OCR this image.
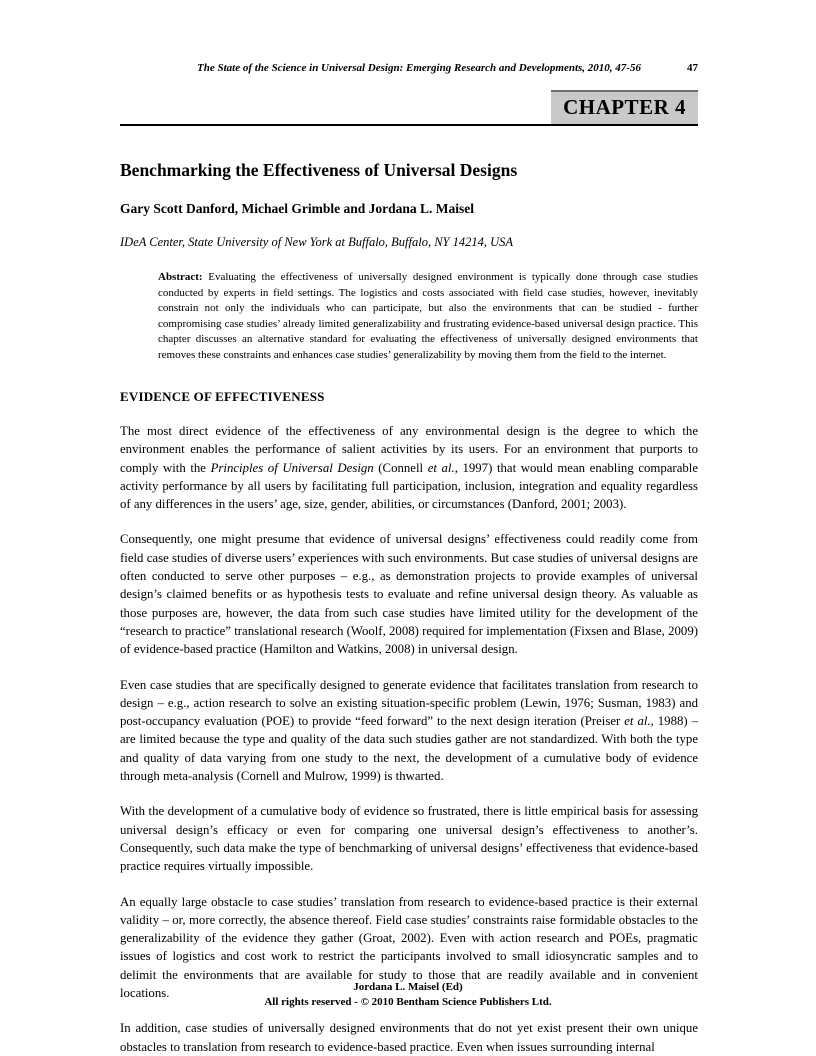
The State of the Science in Universal Design: Emerging Research and Developments, 2010, 47-56	47
CHAPTER 4
Benchmarking the Effectiveness of Universal Designs
Gary Scott Danford, Michael Grimble and Jordana L. Maisel
IDeA Center, State University of New York at Buffalo, Buffalo, NY 14214, USA

Abstract: Evaluating the effectiveness of universally designed environment is typically done through case studies conducted by experts in field settings. The logistics and costs associated with field case studies, however, inevitably constrain not only the individuals who can participate, but also the environments that can be studied - further compromising case studies’ already limited generalizability and frustrating evidence-based universal design practice. This chapter discusses an alternative standard for evaluating the effectiveness of universally designed environments that removes these constraints and enhances case studies’ generalizability by moving them from the field to the internet.

EVIDENCE OF EFFECTIVENESS

The most direct evidence of the effectiveness of any environmental design is the degree to which the environment enables the performance of salient activities by its users. For an environment that purports to comply with the Principles of Universal Design (Connell et al., 1997) that would mean enabling comparable activity performance by all users by facilitating full participation, inclusion, integration and equality regardless of any differences in the users’ age, size, gender, abilities, or circumstances (Danford, 2001; 2003).

Consequently, one might presume that evidence of universal designs’ effectiveness could readily come from field case studies of diverse users’ experiences with such environments. But case studies of universal designs are often conducted to serve other purposes – e.g., as demonstration projects to provide examples of universal design’s claimed benefits or as hypothesis tests to evaluate and refine universal design theory. As valuable as those purposes are, however, the data from such case studies have limited utility for the development of the “research to practice” translational research (Woolf, 2008) required for implementation (Fixsen and Blase, 2009) of evidence-based practice (Hamilton and Watkins, 2008) in universal design.

Even case studies that are specifically designed to generate evidence that facilitates translation from research to design – e.g., action research to solve an existing situation-specific problem (Lewin, 1976; Susman, 1983) and post-occupancy evaluation (POE) to provide “feed forward” to the next design iteration (Preiser et al., 1988) – are limited because the type and quality of the data such studies gather are not standardized. With both the type and quality of data varying from one study to the next, the development of a cumulative body of evidence through meta-analysis (Cornell and Mulrow, 1999) is thwarted.

With the development of a cumulative body of evidence so frustrated, there is little empirical basis for assessing universal design’s efficacy or even for comparing one universal design’s effectiveness to another’s. Consequently, such data make the type of benchmarking of universal designs’ effectiveness that evidence-based practice requires virtually impossible.

An equally large obstacle to case studies’ translation from research to evidence-based practice is their external validity – or, more correctly, the absence thereof. Field case studies’ constraints raise formidable obstacles to the generalizability of the evidence they gather (Groat, 2002). Even with action research and POEs, pragmatic issues of logistics and cost work to restrict the participants involved to small idiosyncratic samples and to delimit the environments that are available for study to those that are readily available and in convenient locations.

In addition, case studies of universally designed environments that do not yet exist present their own unique obstacles to translation from research to evidence-based practice. Even when issues surrounding internal

Jordana L. Maisel (Ed)
All rights reserved - © 2010 Bentham Science Publishers Ltd.
